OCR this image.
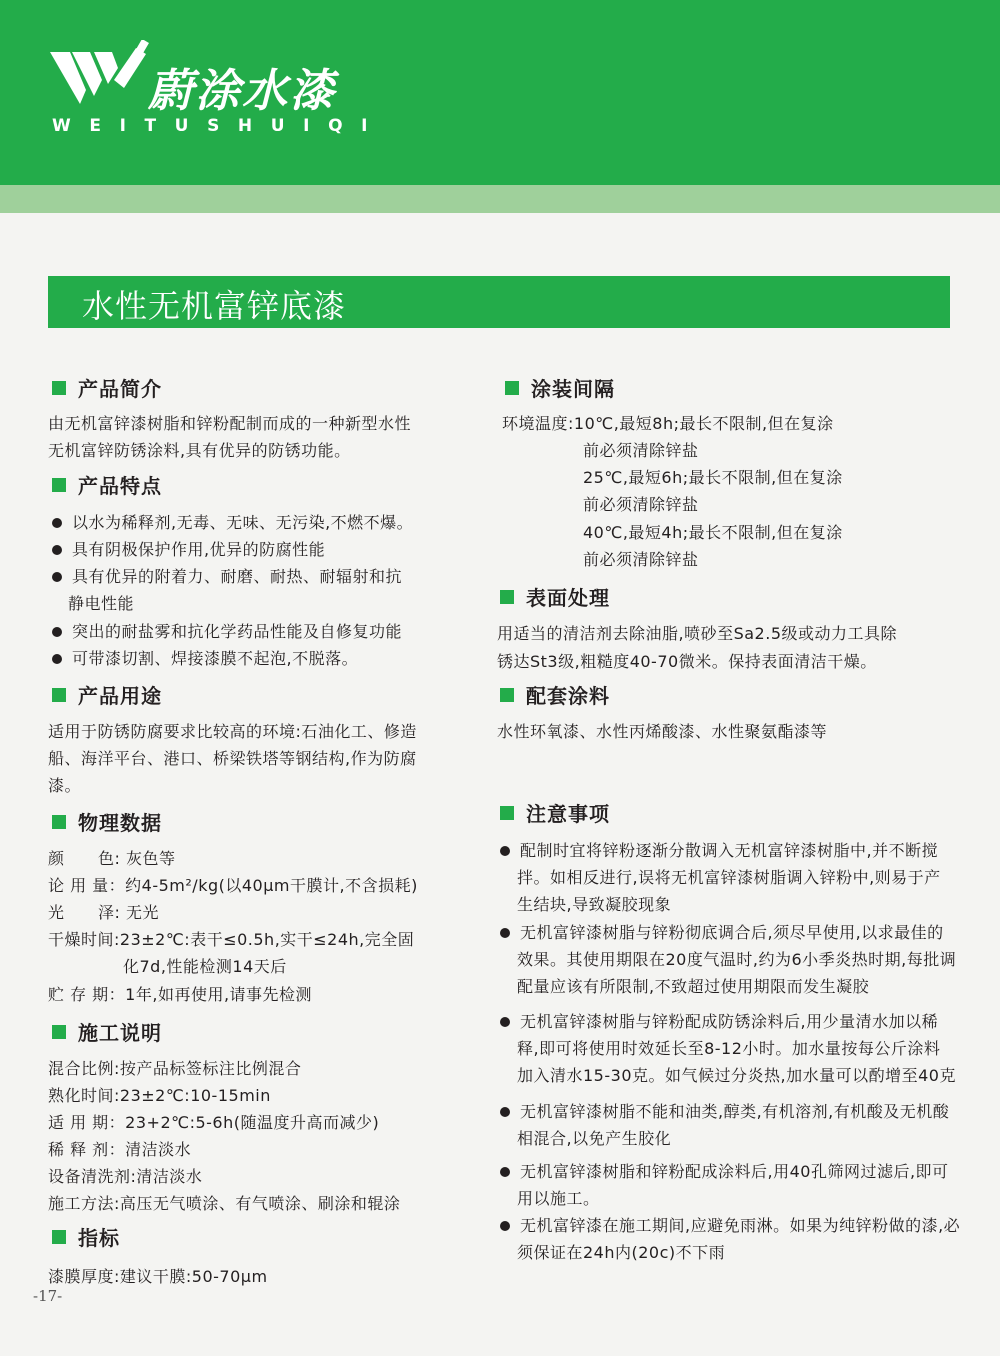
蔚涂水漆
WEITUSHUIQI
水性无机富锌底漆
产品简介
由无机富锌漆树脂和锌粉配制而成的一种新型水性
无机富锌防锈涂料,具有优异的防锈功能。
产品特点
以水为稀释剂,无毒、无味、无污染,不燃不爆。
具有阴极保护作用,优异的防腐性能
具有优异的附着力、耐磨、耐热、耐辐射和抗
静电性能
突出的耐盐雾和抗化学药品性能及自修复功能
可带漆切割、焊接漆膜不起泡,不脱落。
产品用途
适用于防锈防腐要求比较高的环境:石油化工、修造
船、海洋平台、港口、桥梁铁塔等钢结构,作为防腐
漆。
物理数据
颜      色: 灰色等
论 用 量：约4-5m²/kg(以40μm干膜计,不含损耗)
光      泽: 无光
干燥时间:23±2℃:表干≤0.5h,实干≤24h,完全固
化7d,性能检测14天后
贮 存 期：1年,如再使用,请事先检测
施工说明
混合比例:按产品标签标注比例混合
熟化时间:23±2℃:10-15min
适 用 期：23+2℃:5-6h(随温度升高而减少)
稀 释 剂：清洁淡水
设备清洗剂:清洁淡水
施工方法:高压无气喷涂、有气喷涂、刷涂和辊涂
指标
漆膜厚度:建议干膜:50-70μm
涂装间隔
环境温度:10℃,最短8h;最长不限制,但在复涂
前必须清除锌盐
25℃,最短6h;最长不限制,但在复涂
前必须清除锌盐
40℃,最短4h;最长不限制,但在复涂
前必须清除锌盐
表面处理
用适当的清洁剂去除油脂,喷砂至Sa2.5级或动力工具除
锈达St3级,粗糙度40-70微米。保持表面清洁干燥。
配套涂料
水性环氧漆、水性丙烯酸漆、水性聚氨酯漆等
注意事项
配制时宜将锌粉逐渐分散调入无机富锌漆树脂中,并不断搅
拌。如相反进行,误将无机富锌漆树脂调入锌粉中,则易于产
生结块,导致凝胶现象
无机富锌漆树脂与锌粉彻底调合后,须尽早使用,以求最佳的
效果。其使用期限在20度气温时,约为6小季炎热时期,每批调
配量应该有所限制,不致超过使用期限而发生凝胶
无机富锌漆树脂与锌粉配成防锈涂料后,用少量清水加以稀
释,即可将使用时效延长至8-12小时。加水量按每公斤涂料
加入清水15-30克。如气候过分炎热,加水量可以酌增至40克
无机富锌漆树脂不能和油类,醇类,有机溶剂,有机酸及无机酸
相混合,以免产生胶化
无机富锌漆树脂和锌粉配成涂料后,用40孔筛网过滤后,即可
用以施工。
无机富锌漆在施工期间,应避免雨淋。如果为纯锌粉做的漆,必
须保证在24h内(20c)不下雨
-17-
